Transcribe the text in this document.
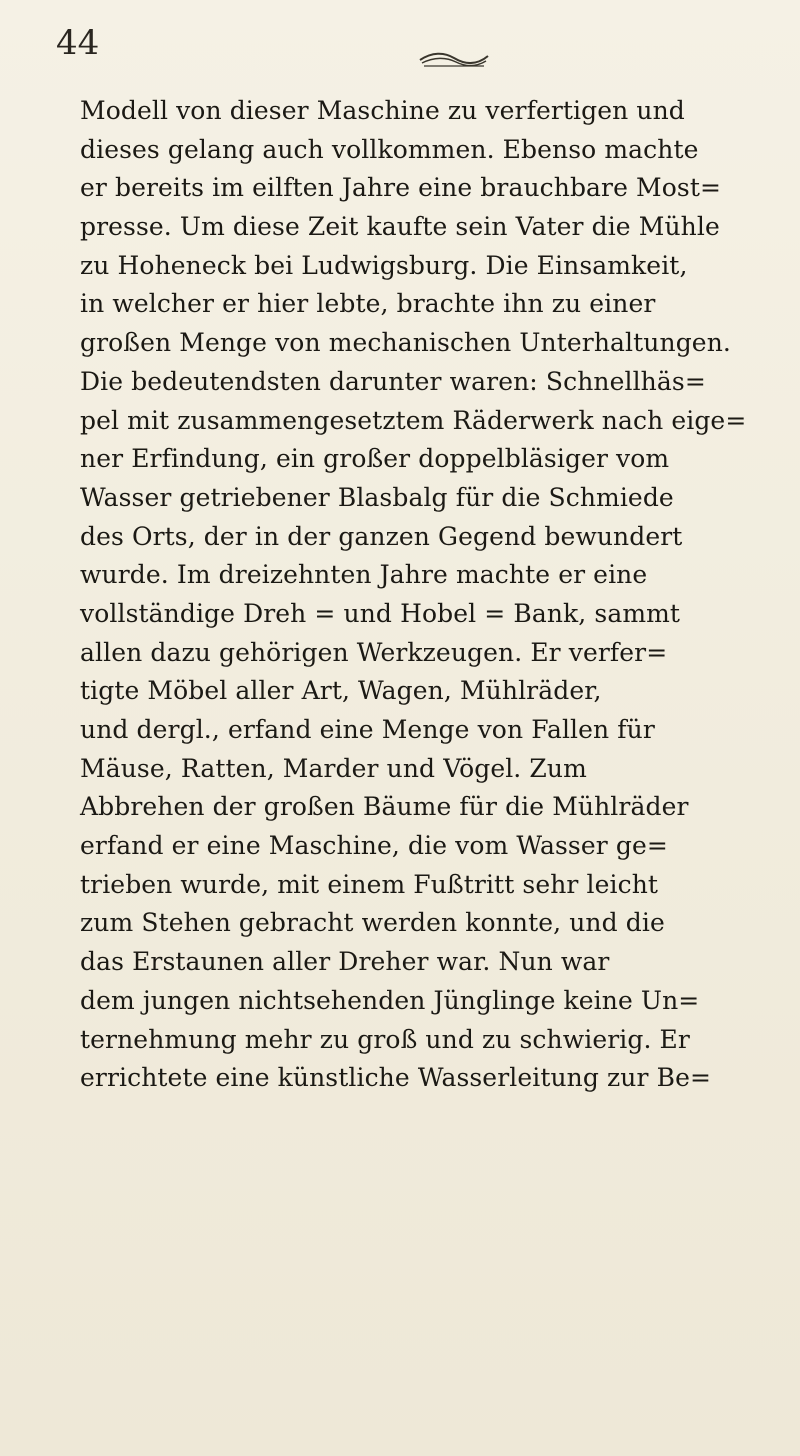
44
Modell von dieser Maschine zu verfertigen und
dieses gelang auch vollkommen. Ebenso machte
er bereits im eilften Jahre eine brauchbare Most=
presse. Um diese Zeit kaufte sein Vater die Mühle
zu Hoheneck bei Ludwigsburg. Die Einsamkeit,
in welcher er hier lebte, brachte ihn zu einer
großen Menge von mechanischen Unterhaltungen.
Die bedeutendsten darunter waren: Schnellhäs=
pel mit zusammengesetztem Räderwerk nach eige=
ner Erfindung, ein großer doppelbläsiger vom
Wasser getriebener Blasbalg für die Schmiede
des Orts, der in der ganzen Gegend bewundert
wurde. Im dreizehnten Jahre machte er eine
vollständige Dreh = und Hobel = Bank, sammt
allen dazu gehörigen Werkzeugen. Er verfer=
tigte Möbel aller Art, Wagen, Mühlräder,
und dergl., erfand eine Menge von Fallen für
Mäuse, Ratten, Marder und Vögel. Zum
Abbrehen der großen Bäume für die Mühlräder
erfand er eine Maschine, die vom Wasser ge=
trieben wurde, mit einem Fußtritt sehr leicht
zum Stehen gebracht werden konnte, und die
das Erstaunen aller Dreher war. Nun war
dem jungen nichtsehenden Jünglinge keine Un=
ternehmung mehr zu groß und zu schwierig. Er
errichtete eine künstliche Wasserleitung zur Be=
